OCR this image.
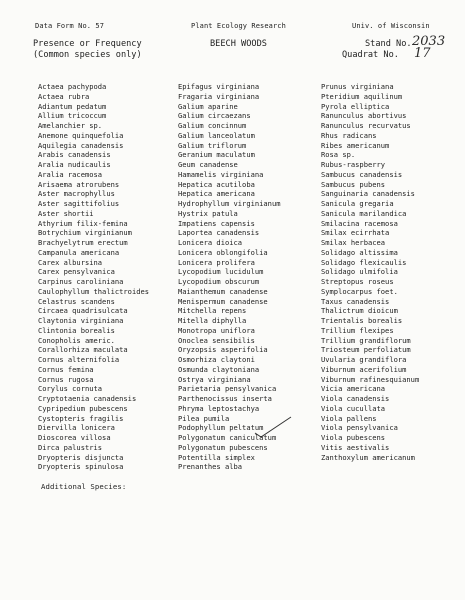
Data Form No. 57	Plant Ecology Research	Univ. of Wisconsin
Presence or Frequency
(Common species only)
BEECH WOODS	Stand No. 2033
Quadrat No. 17
Actaea pachypoda
Actaea rubra
Adiantum pedatum
Allium tricoccum
Amelanchier sp.
Anemone quinquefolia
Aquilegia canadensis
Arabis canadensis
Aralia nudicaulis
Aralia racemosa
Arisaema atrorubens
Aster macrophyllus
Aster sagittifolius
Aster shortii
Athyrium filix-femina
Botrychium virginianum
Brachyelytrum erectum
Campanula americana
Carex albursina
Carex pensylvanica
Carpinus caroliniana
Caulophyllum thalictroides
Celastrus scandens
Circaea quadrisulcata
Claytonia virginiana
Clintonia borealis
Conopholis americ.
Corallorhiza maculata
Cornus alternifolia
Cornus femina
Cornus rugosa
Corylus cornuta
Cryptotaenia canadensis
Cypripedium pubescens
Cystopteris fragilis
Diervilla lonicera
Dioscorea villosa
Dirca palustris
Dryopteris disjuncta
Dryopteris spinulosa
Epifagus virginiana
Fragaria virginiana
Galium aparine
Galium circaezans
Galium concinnum
Galium lanceolatum
Galium triflorum
Geranium maculatum
Geum canadense
Hamamelis virginiana
Hepatica acutiloba
Hepatica americana
Hydrophyllum virginianum
Hystrix patula
Impatiens capensis
Laportea canadensis
Lonicera dioica
Lonicera oblongifolia
Lonicera prolifera
Lycopodium lucidulum
Lycopodium obscurum
Maianthemum canadense
Menispermum canadense
Mitchella repens
Mitella diphylla
Monotropa uniflora
Onoclea sensibilis
Oryzopsis asperifolia
Osmorhiza claytoni
Osmunda claytoniana
Ostrya virginiana
Parietaria pensylvanica
Parthenocissus inserta
Phryma leptostachya
Pilea pumila
Podophyllum peltatum
Polygonatum caniculatum
Polygonatum pubescens
Potentilla simplex
Prenanthes alba
Prunus virginiana
Pteridium aquilinum
Pyrola elliptica
Ranunculus abortivus
Ranunculus recurvatus
Rhus radicans
Ribes americanum
Rosa sp.
Rubus-raspberry
Sambucus canadensis
Sambucus pubens
Sanguinaria canadensis
Sanicula gregaria
Sanicula marilandica
Smilacina racemosa
Smilax ecirrhata
Smilax herbacea
Solidago altissima
Solidago flexicaulis
Solidago ulmifolia
Streptopus roseus
Symplocarpus foet.
Taxus canadensis
Thalictrum dioicum
Trientalis borealis
Trillium flexipes
Trillium grandiflorum
Triosteum perfoliatum
Uvularia grandiflora
Viburnum acerifolium
Viburnum rafinesquianum
Vicia americana
Viola canadensis
Viola cucullata
Viola pallens
Viola pensylvanica
Viola pubescens
Vitis aestivalis
Zanthoxylum americanum
Additional Species:
